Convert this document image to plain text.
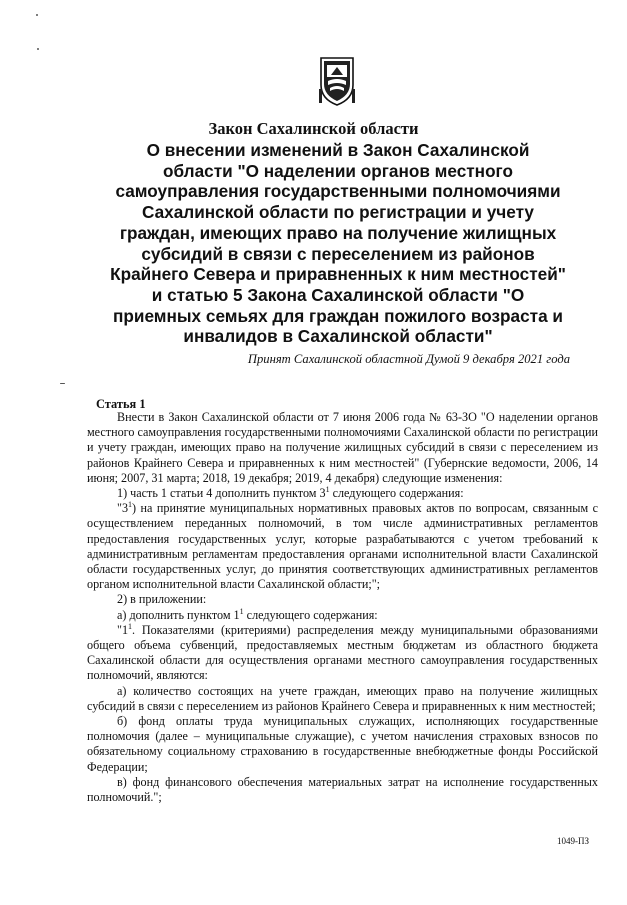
Закон Сахалинской области
О внесении изменений в Закон Сахалинской
области "О наделении органов местного
самоуправления государственными полномочиями
Сахалинской области по регистрации и учету
граждан, имеющих право на получение жилищных
субсидий в связи с переселением из районов
Крайнего Севера и приравненных к ним местностей"
и статью 5 Закона Сахалинской области "О
приемных семьях для граждан пожилого возраста и
инвалидов в Сахалинской области"
Принят Сахалинской областной Думой 9 декабря 2021 года
Статья 1

Внести в Закон Сахалинской области от 7 июня 2006 года № 63-ЗО "О наделении органов местного самоуправления государственными полномочиями Сахалинской области по регистрации и учету граждан, имеющих право на получение жилищных субсидий в связи с переселением из районов Крайнего Севера и приравненных к ним местностей" (Губернские ведомости, 2006, 14 июня; 2007, 31 марта; 2018, 19 декабря; 2019, 4 декабря) следующие изменения:

1) часть 1 статьи 4 дополнить пунктом $3^1$ следующего содержания:

"$3^1$) на принятие муниципальных нормативных правовых актов по вопросам, связанным с осуществлением переданных полномочий, в том числе административных регламентов предоставления государственных услуг, которые разрабатываются с учетом требований к административным регламентам предоставления органами исполнительной власти Сахалинской области государственных услуг, до принятия соответствующих административных регламентов органом исполнительной власти Сахалинской области;";

2) в приложении:

а) дополнить пунктом $1^1$ следующего содержания:

"$1^1$. Показателями (критериями) распределения между муниципальными образованиями общего объема субвенций, предоставляемых местным бюджетам из областного бюджета Сахалинской области для осуществления органами местного самоуправления государственных полномочий, являются:

а) количество состоящих на учете граждан, имеющих право на получение жилищных субсидий в связи с переселением из районов Крайнего Севера и приравненных к ним местностей;

б) фонд оплаты труда муниципальных служащих, исполняющих государственные полномочия (далее – муниципальные служащие), с учетом начисления страховых взносов по обязательному социальному страхованию в государственные внебюджетные фонды Российской Федерации;

в) фонд финансового обеспечения материальных затрат на исполнение государственных полномочий.";

1049-ПЗ
